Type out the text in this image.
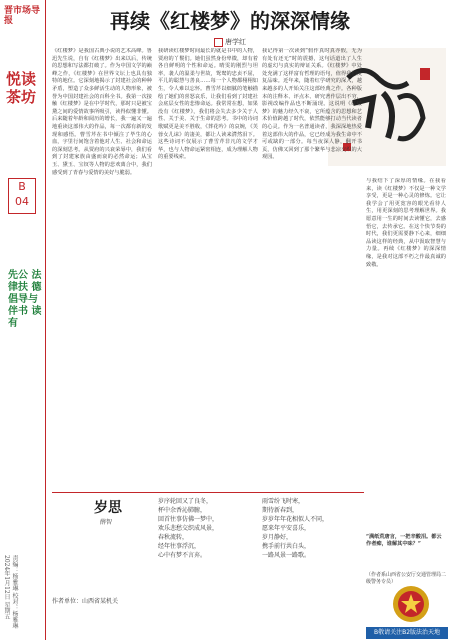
晋市场导报
悦读茶坊
B
04
先公 法律扶 德 倡导与 伴书 读有
责编：杨雅琳 校对：杨雅琳 2024年1月12日 星期五
再续《红楼梦》的深深情缘
唐学红
《红楼梦》是我国古典小说的艺术高峰。鲁迅先生说，自有《红楼梦》出来以后，传统的思想和写法都打破了。作为中国文学的巅峰之作，《红楼梦》在世界文坛上也具有独特的地位。它深刻地揭示了封建社会的种种矛盾，塑造了众多鲜活生动的人物形象，被誉为中国封建社会的百科全书。我第一次接触《红楼梦》是在中学时代，那时只是被宝黛之间的爱情故事所吸引，读得似懂非懂。后来随着年龄和阅历的增长，我一遍又一遍地重读这部伟大的作品，每一次都有新的发现和感悟。曹雪芹在书中倾注了毕生的心血，字里行间饱含着他对人生、社会和命运的深刻思考。从贾府的兴衰荣辱中，我们看到了封建家族由盛而衰的必然命运；从宝玉、黛玉、宝钗等人物的悲欢离合中，我们感受到了青春与爱情的美好与脆弱。
我研读红楼梦时间最长的就是书中的人物，贾府的丫鬟们。她们虽然身份卑微，却有着各自鲜明的个性和命运。晴雯的刚烈与坦率，袭人的温柔与世故，鸳鸯的忠贞不屈，平儿的聪慧与善良……每一个人物都栩栩如生，令人难以忘怀。曹雪芹以细腻的笔触描绘了她们的喜怒哀乐，让我们看到了封建社会底层女性的悲惨命运。我常常在想，如果没有《红楼梦》，我们将会失去多少关于人性、关于美、关于生命的思考。书中的诗词歌赋更是美不胜收，《葬花吟》的哀婉，《芙蓉女儿诔》的凄美，都让人读来潸然泪下。这些诗词不仅展示了曹雪芹非凡的文学才华，也与人物命运紧密相连，成为理解人物的重要线索。
我记得第一次读到“假作真时真亦假，无为有处有还无”时的震撼，这句话道出了人生的虚幻与真实的辩证关系。《红楼梦》中处处充满了这样富有哲理的语句，值得我们反复品味。近年来，随着红学研究的深入，越来越多的人开始关注这部经典之作。各种版本的注释本、评点本、研究著作层出不穷，影视改编作品也不断涌现。这说明《红楼梦》的魅力经久不衰，它所蕴含的思想和艺术价值跨越了时代，依然能够打动当代读者的心灵。作为一名普通读者，我深深地热爱着这部伟大的作品，它已经成为我生命中不可或缺的一部分。每当夜深人静，翻开书页，仿佛又回到了那个繁华与悲凉交织的大观园。
与我结下了深厚的情缘。在我看来，读《红楼梦》不仅是一种文学享受，更是一种心灵的修炼。它让我学会了用更宽容的眼光看待人生，用更深刻的思考理解世界。我愿意用一生的时间去读懂它，去感悟它，去传承它。在这个快节奏的时代，我们更需要静下心来，细细品读这样的经典，从中汲取智慧与力量。再续《红楼梦》的深深情缘，是我对这部不朽之作最真诚的致敬。
“满纸荒唐言，一把辛酸泪。都云作者痴，谁解其中味？”
（作者系山西省公安厅交通管理局二级警务专员）
岁思
薛智
岁序轮回又了良冬，
杯中余香沁肺腑，
回首往事仿佛一梦中，
欢乐悲愁交织成风景，
春秋流转，
经年往事浮沉，
心中有梦不言弃。
雨雪纷飞时寒，
期待新春到，
岁岁年年花相似人不同，
愿来年平安喜乐，
岁月静好，
携手前行共白头，
一路风景一路歌。
作者单位：山西省某机关
B敬请关注B2版法治天地
